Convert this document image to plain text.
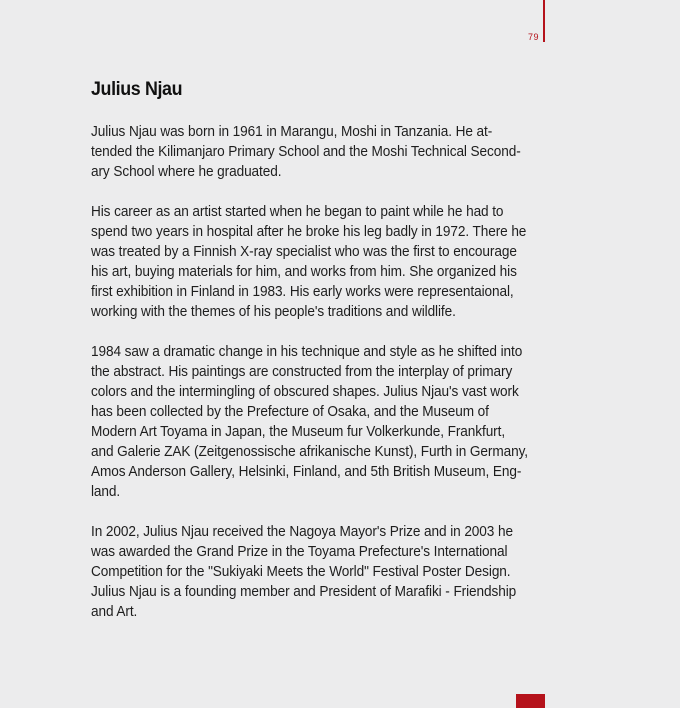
79
Julius Njau

Julius Njau was born in 1961 in Marangu, Moshi in Tanzania. He at-
tended the Kilimanjaro Primary School and the Moshi Technical Second-
ary School where he graduated.

His career as an artist started when he began to paint while he had to
spend two years in hospital after he broke his leg badly in 1972. There he
was treated by a Finnish X-ray specialist who was the first to encourage
his art, buying materials for him, and works from him. She organized his
first exhibition in Finland in 1983. His early works were representaional,
working with the themes of his people's traditions and wildlife.

1984 saw a dramatic change in his technique and style as he shifted into
the abstract. His paintings are constructed from the interplay of primary
colors and the intermingling of obscured shapes. Julius Njau's vast work
has been collected by the Prefecture of Osaka, and the Museum of
Modern Art Toyama in Japan, the Museum fur Volkerkunde, Frankfurt,
and Galerie ZAK (Zeitgenossische afrikanische Kunst), Furth in Germany,
Amos Anderson Gallery, Helsinki, Finland, and 5th British Museum, Eng-
land.

In 2002, Julius Njau received the Nagoya Mayor's Prize and in 2003 he
was awarded the Grand Prize in the Toyama Prefecture's International
Competition for the "Sukiyaki Meets the World" Festival Poster Design.
Julius Njau is a founding member and President of Marafiki - Friendship
and Art.
